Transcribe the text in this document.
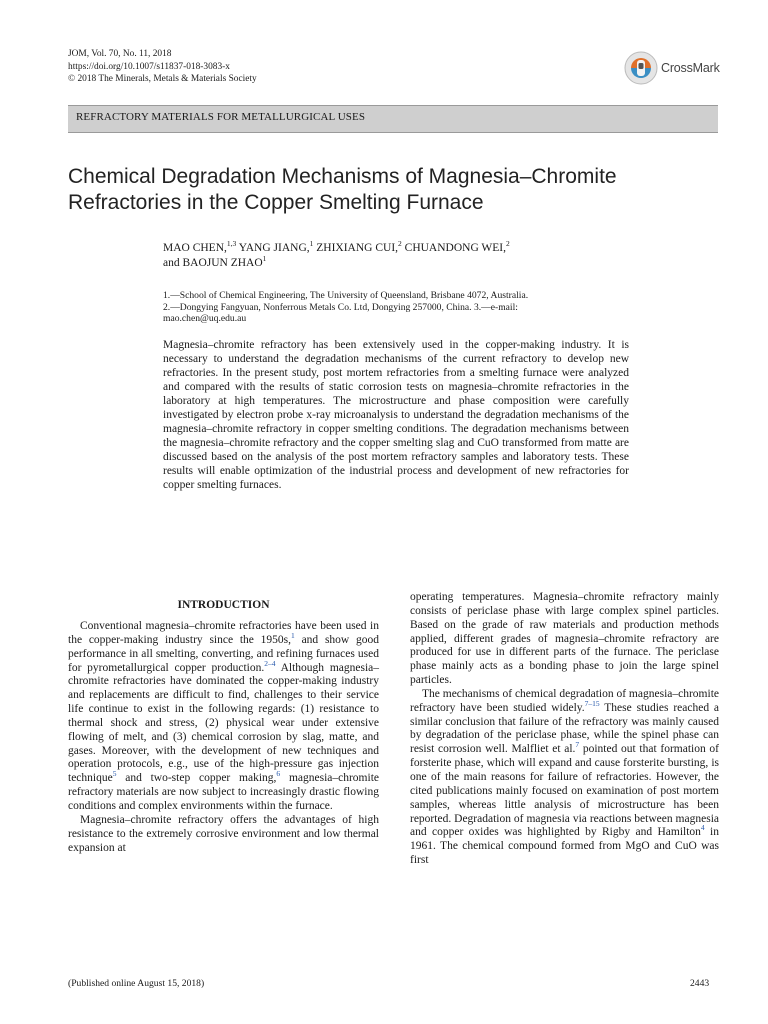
JOM, Vol. 70, No. 11, 2018
https://doi.org/10.1007/s11837-018-3083-x
© 2018 The Minerals, Metals & Materials Society
CrossMark
REFRACTORY MATERIALS FOR METALLURGICAL USES
Chemical Degradation Mechanisms of Magnesia–Chromite
Refractories in the Copper Smelting Furnace
MAO CHEN,$^{1,3}$ YANG JIANG,$^1$ ZHIXIANG CUI,$^2$ CHUANDONG WEI,$^2$
and BAOJUN ZHAO$^1$
1.—School of Chemical Engineering, The University of Queensland, Brisbane 4072, Australia.
2.—Dongying Fangyuan, Nonferrous Metals Co. Ltd, Dongying 257000, China. 3.—e-mail:
mao.chen@uq.edu.au
Magnesia–chromite refractory has been extensively used in the copper-making industry. It is necessary to understand the degradation mechanisms of the current refractory to develop new refractories. In the present study, post mortem refractories from a smelting furnace were analyzed and compared with the results of static corrosion tests on magnesia–chromite refractories in the laboratory at high temperatures. The microstructure and phase composition were carefully investigated by electron probe x-ray microanalysis to understand the degradation mechanisms of the magnesia–chromite refractory in copper smelting conditions. The degradation mechanisms between the magnesia–chromite refractory and the copper smelting slag and CuO transformed from matte are discussed based on the analysis of the post mortem refractory samples and laboratory tests. These results will enable optimization of the industrial process and development of new refractories for copper smelting furnaces.
INTRODUCTION

Conventional magnesia–chromite refractories have been used in the copper-making industry since the 1950s,$^1$ and show good performance in all smelting, converting, and refining furnaces used for pyrometallurgical copper production.$^{2-4}$ Although magnesia–chromite refractories have dominated the copper-making industry and replacements are difficult to find, challenges to their service life continue to exist in the following regards: (1) resistance to thermal shock and stress, (2) physical wear under extensive flowing of melt, and (3) chemical corrosion by slag, matte, and gases. Moreover, with the development of new techniques and operation protocols, e.g., use of the high-pressure gas injection technique$^5$ and two-step copper making,$^6$ magnesia–chromite refractory materials are now subject to increasingly drastic flowing conditions and complex environments within the furnace.

Magnesia–chromite refractory offers the advantages of high resistance to the extremely corrosive environment and low thermal expansion at

operating temperatures. Magnesia–chromite refractory mainly consists of periclase phase with large complex spinel particles. Based on the grade of raw materials and production methods applied, different grades of magnesia–chromite refractory are produced for use in different parts of the furnace. The periclase phase mainly acts as a bonding phase to join the large spinel particles.

The mechanisms of chemical degradation of magnesia–chromite refractory have been studied widely.$^{7-15}$ These studies reached a similar conclusion that failure of the refractory was mainly caused by degradation of the periclase phase, while the spinel phase can resist corrosion well. Malfliet et al.$^7$ pointed out that formation of forsterite phase, which will expand and cause forsterite bursting, is one of the main reasons for failure of refractories. However, the cited publications mainly focused on examination of post mortem samples, whereas little analysis of microstructure has been reported. Degradation of magnesia via reactions between magnesia and copper oxides was highlighted by Rigby and Hamilton$^4$ in 1961. The chemical compound formed from MgO and CuO was first

(Published online August 15, 2018)	2443
